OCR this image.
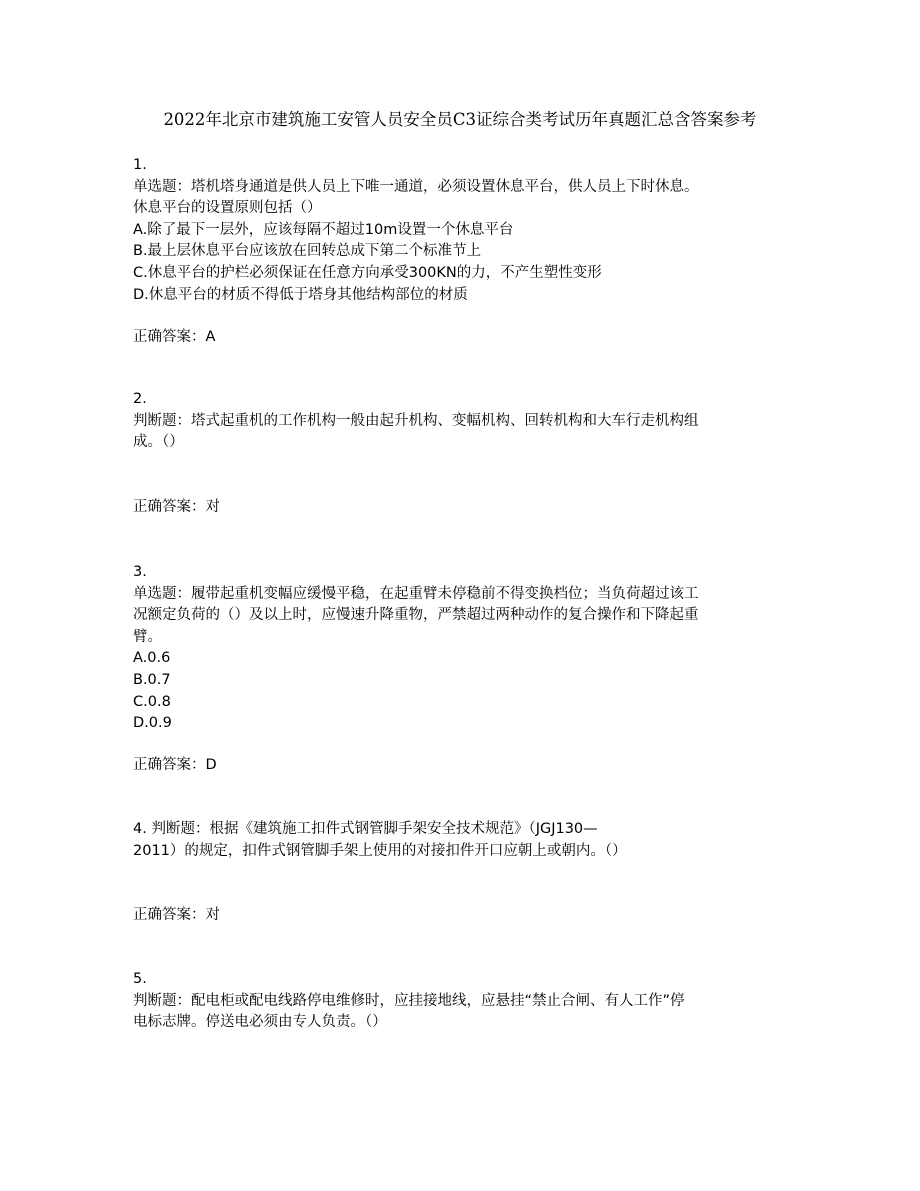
2022年北京市建筑施工安管人员安全员C3证综合类考试历年真题汇总含答案参考
1.
单选题：塔机塔身通道是供人员上下唯一通道，必须设置休息平台，供人员上下时休息。
休息平台的设置原则包括（）
A.除了最下一层外，应该每隔不超过10m设置一个休息平台
B.最上层休息平台应该放在回转总成下第二个标准节上
C.休息平台的护栏必须保证在任意方向承受300KN的力，不产生塑性变形
D.休息平台的材质不得低于塔身其他结构部位的材质
正确答案：A
2.
判断题：塔式起重机的工作机构一般由起升机构、变幅机构、回转机构和大车行走机构组
成。（）
正确答案：对
3.
单选题：履带起重机变幅应缓慢平稳，在起重臂未停稳前不得变换档位；当负荷超过该工
况额定负荷的（）及以上时，应慢速升降重物，严禁超过两种动作的复合操作和下降起重
臂。
A.0.6
B.0.7
C.0.8
D.0.9
正确答案：D
4. 判断题：根据《建筑施工扣件式钢管脚手架安全技术规范》（JGJ130—
2011）的规定，扣件式钢管脚手架上使用的对接扣件开口应朝上或朝内。（）
正确答案：对
5.
判断题：配电柜或配电线路停电维修时，应挂接地线，应悬挂“禁止合闸、有人工作”停
电标志牌。停送电必须由专人负责。（）
